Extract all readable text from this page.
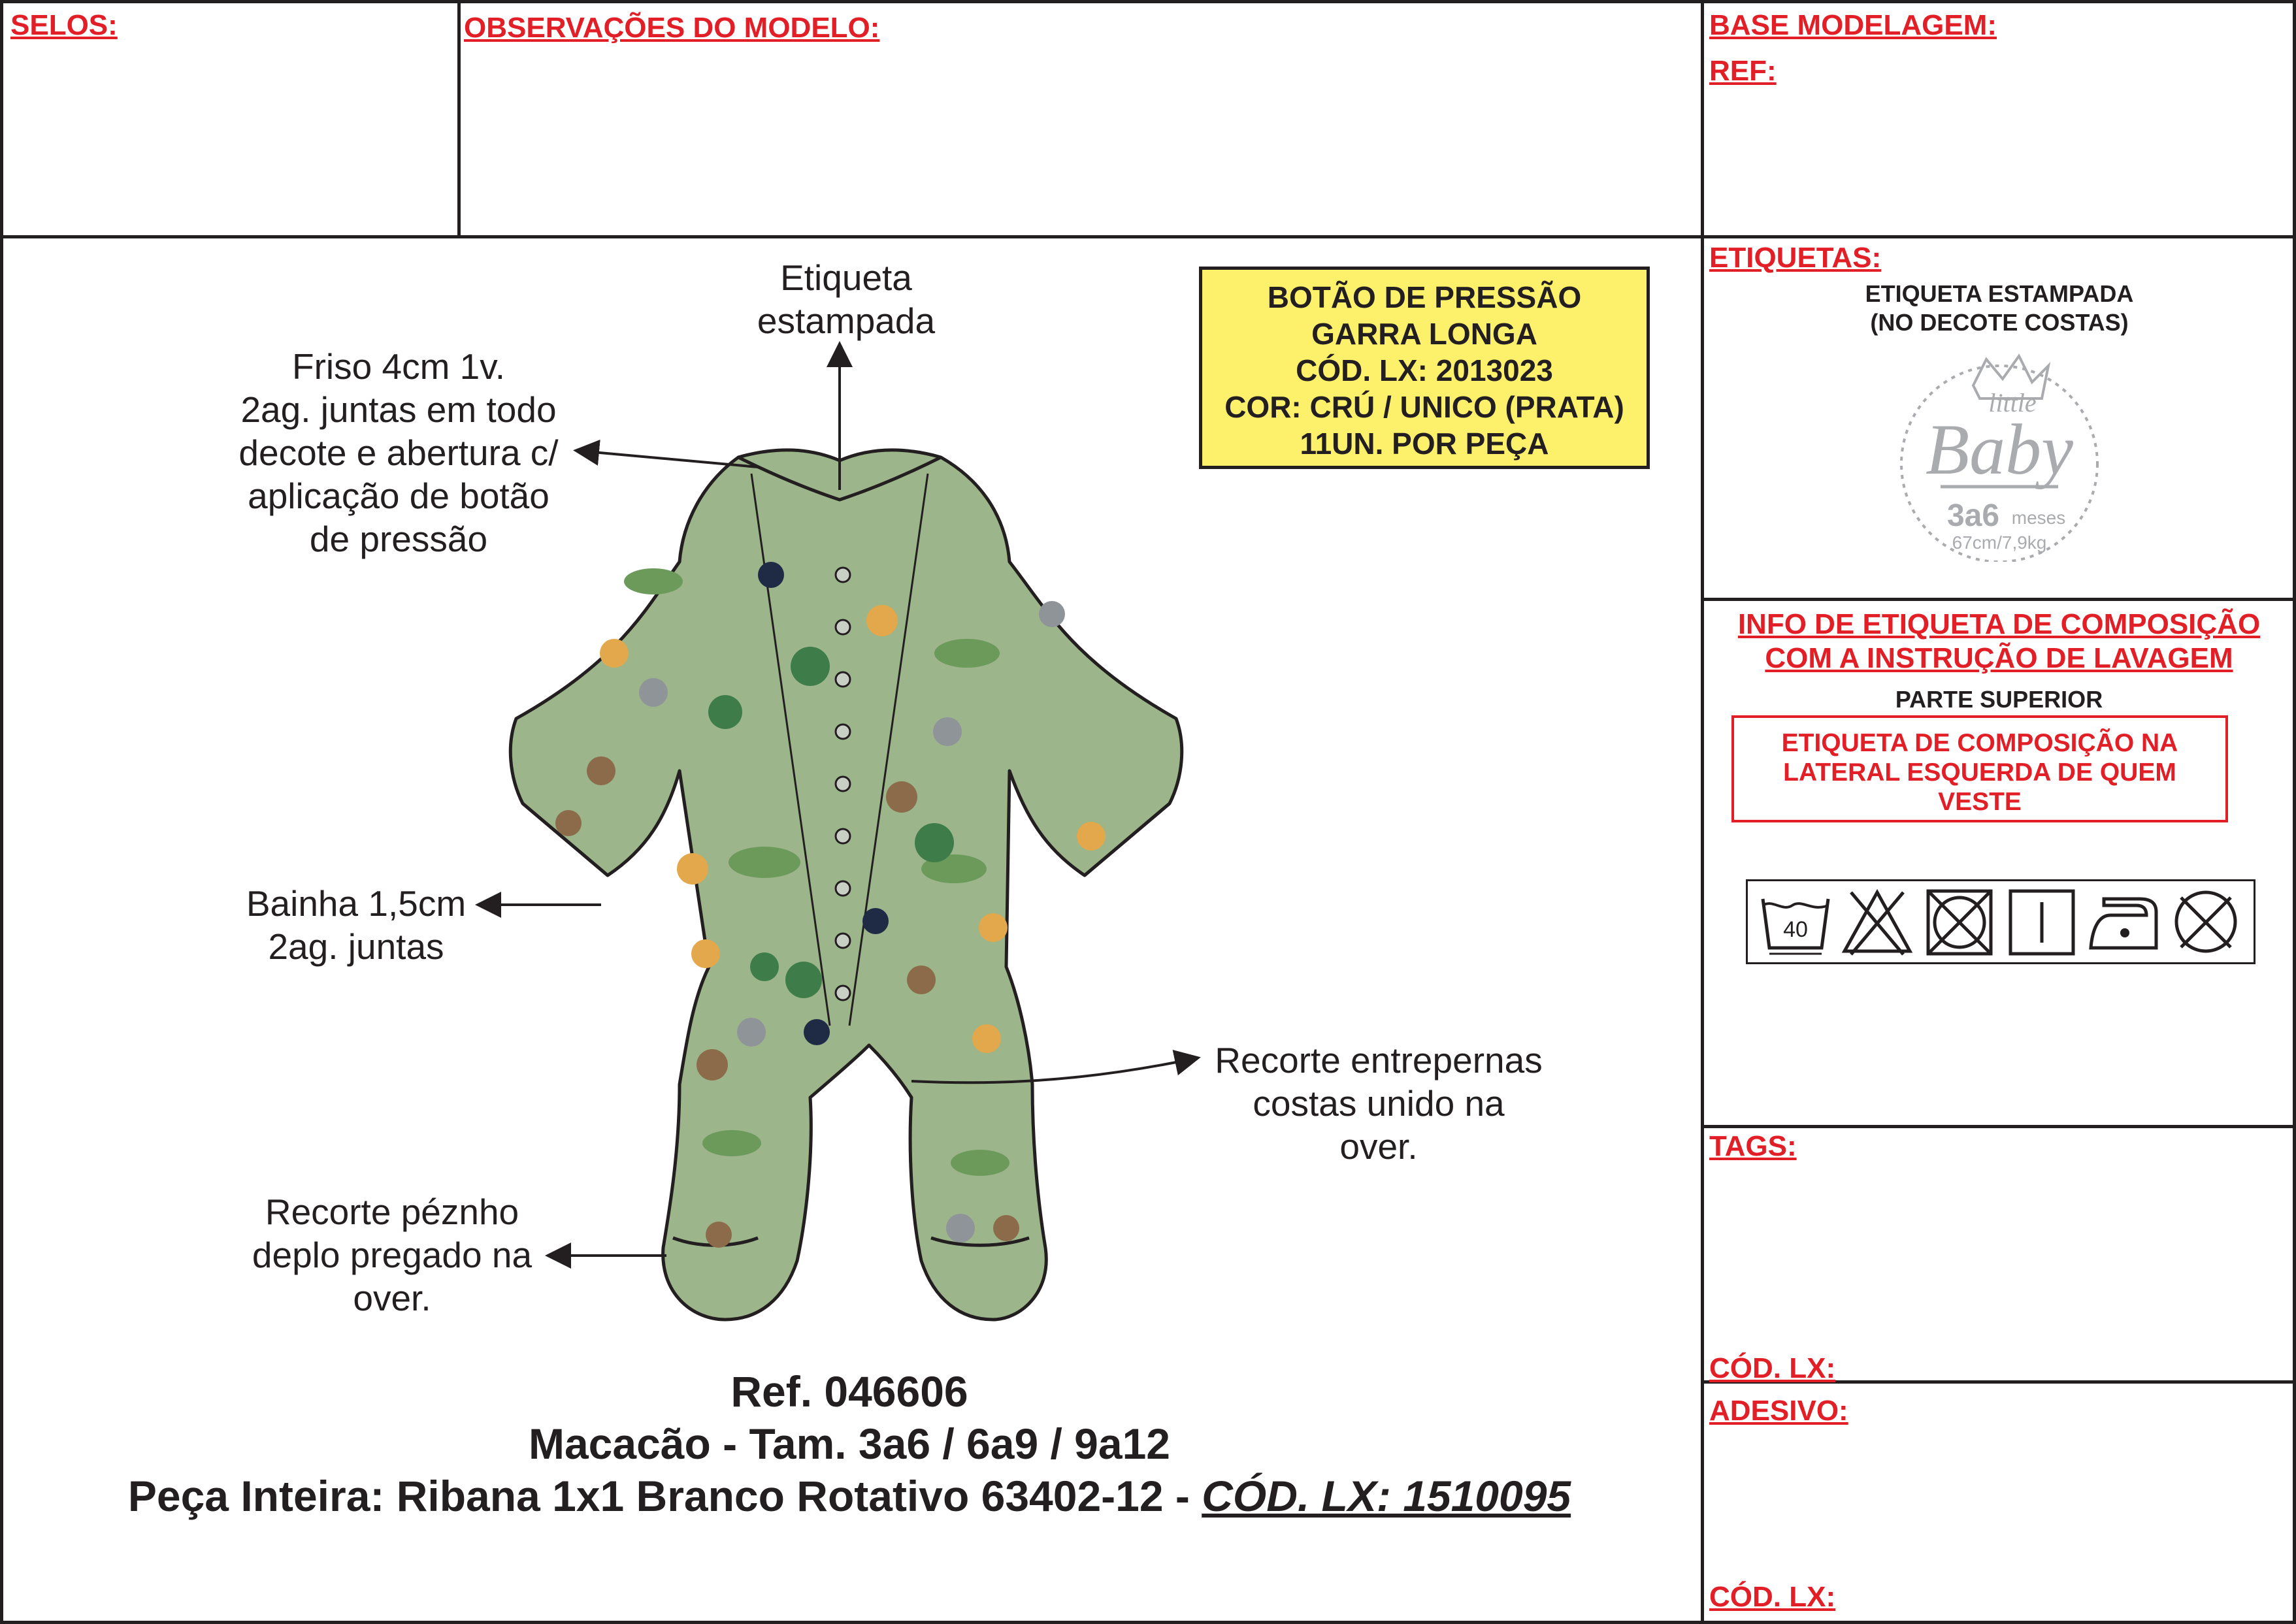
SELOS:	OBSERVAÇÕES DO MODELO:	BASE MODELAGEM:
REF:
Etiqueta
estampada
Friso 4cm 1v.
2ag. juntas em todo
decote e abertura c/
aplicação de botão
de pressão
Bainha 1,5cm
2ag. juntas
Recorte entrepernas
costas unido na
over.
Recorte péznho
deplo pregado na
over.
BOTÃO DE PRESSÃO
GARRA LONGA
CÓD. LX: 2013023
COR: CRÚ / UNICO (PRATA)
11UN. POR PEÇA
Ref. 046606
Macacão - Tam. 3a6 / 6a9 / 9a12
Peça Inteira: Ribana 1x1 Branco Rotativo 63402-12 - CÓD. LX: 1510095
ETIQUETAS:
ETIQUETA ESTAMPADA
(NO DECOTE COSTAS)
little
Baby
3a6 meses
67cm/7,9kg
INFO DE ETIQUETA DE COMPOSIÇÃO
COM A INSTRUÇÃO DE LAVAGEM
PARTE SUPERIOR
ETIQUETA DE COMPOSIÇÃO NA
LATERAL ESQUERDA DE QUEM
VESTE
40
TAGS:
CÓD. LX:
ADESIVO:
CÓD. LX:
